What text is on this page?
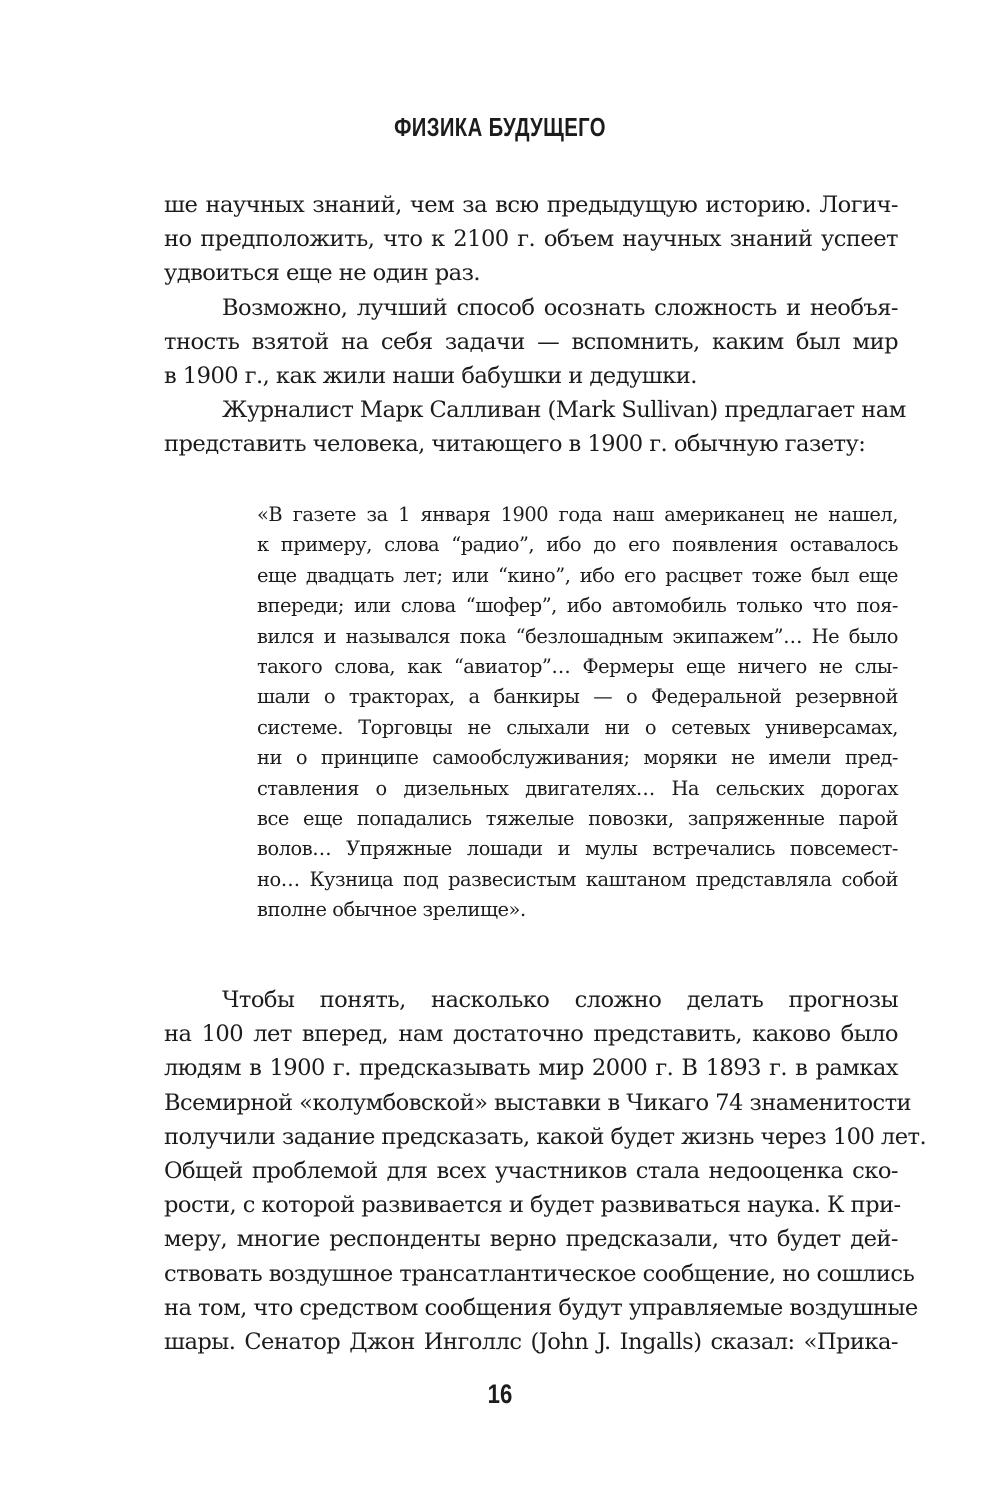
ФИЗИКА БУДУЩЕГО
ше научных знаний, чем за всю предыдущую историю. Логич-
но предположить, что к 2100 г. объем научных знаний успеет
удвоиться еще не один раз.
Возможно, лучший способ осознать сложность и необъя-
тность взятой на себя задачи — вспомнить, каким был мир
в 1900 г., как жили наши бабушки и дедушки.
Журналист Марк Салливан (Mark Sullivan) предлагает нам
представить человека, читающего в 1900 г. обычную газету:
«В газете за 1 января 1900 года наш американец не нашел,
к примеру, слова “радио”, ибо до его появления оставалось
еще двадцать лет; или “кино”, ибо его расцвет тоже был еще
впереди; или слова “шофер”, ибо автомобиль только что поя-
вился и назывался пока “безлошадным экипажем”… Не было
такого слова, как “авиатор”… Фермеры еще ничего не слы-
шали о тракторах, а банкиры — о Федеральной резервной
системе. Торговцы не слыхали ни о сетевых универсамах,
ни о принципе самообслуживания; моряки не имели пред-
ставления о дизельных двигателях… На сельских дорогах
все еще попадались тяжелые повозки, запряженные парой
волов… Упряжные лошади и мулы встречались повсемест-
но… Кузница под развесистым каштаном представляла собой
вполне обычное зрелище».
Чтобы понять, насколько сложно делать прогнозы
на 100 лет вперед, нам достаточно представить, каково было
людям в 1900 г. предсказывать мир 2000 г. В 1893 г. в рамках
Всемирной «колумбовской» выставки в Чикаго 74 знаменитости
получили задание предсказать, какой будет жизнь через 100 лет.
Общей проблемой для всех участников стала недооценка ско-
рости, с которой развивается и будет развиваться наука. К при-
меру, многие респонденты верно предсказали, что будет дей-
ствовать воздушное трансатлантическое сообщение, но сошлись
на том, что средством сообщения будут управляемые воздушные
шары. Сенатор Джон Инголлс (John J. Ingalls) сказал: «Прика-
16
